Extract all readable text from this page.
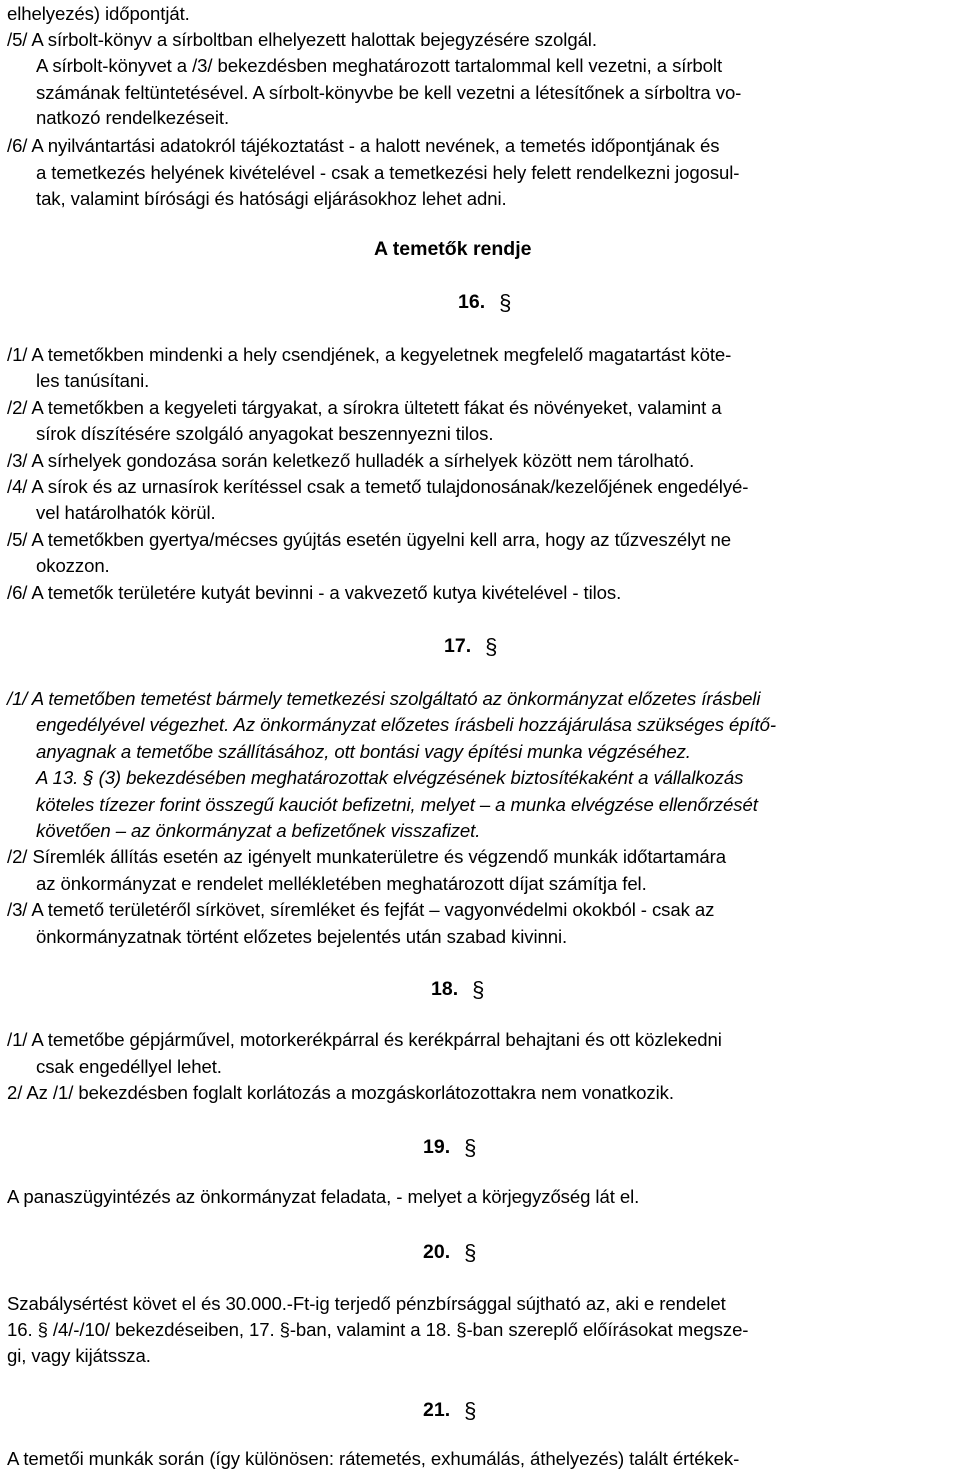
elhelyezés) időpontját.
/5/ A sírbolt-könyv a sírboltban elhelyezett halottak bejegyzésére szolgál.
A sírbolt-könyvet a /3/ bekezdésben meghatározott tartalommal kell vezetni, a sírbolt
számának feltüntetésével. A sírbolt-könyvbe be kell vezetni a létesítőnek a sírboltra vo-
natkozó rendelkezéseit.
/6/ A nyilvántartási adatokról tájékoztatást - a halott nevének, a temetés időpontjának és
a temetkezés helyének kivételével - csak a temetkezési hely felett rendelkezni jogosul-
tak, valamint bírósági és hatósági eljárásokhoz lehet adni.
A temetők rendje
16. §
/1/ A temetőkben mindenki a hely csendjének, a kegyeletnek megfelelő magatartást köte-
les tanúsítani.
/2/ A temetőkben a kegyeleti tárgyakat, a sírokra ültetett fákat és növényeket, valamint a
sírok díszítésére szolgáló anyagokat beszennyezni tilos.
/3/ A sírhelyek gondozása során keletkező hulladék a sírhelyek között nem tárolható.
/4/ A sírok és az urnasírok kerítéssel csak a temető tulajdonosának/kezelőjének engedélyé-
vel határolhatók körül.
/5/ A temetőkben gyertya/mécses gyújtás esetén ügyelni kell arra, hogy az tűzveszélyt ne
okozzon.
/6/ A temetők területére kutyát bevinni - a vakvezető kutya kivételével - tilos.
17. §
/1/ A temetőben temetést bármely temetkezési szolgáltató az önkormányzat előzetes írásbeli
engedélyével végezhet. Az önkormányzat előzetes írásbeli hozzájárulása szükséges építő-
anyagnak a temetőbe szállításához, ott bontási vagy építési munka végzéséhez.
A 13. § (3) bekezdésében meghatározottak elvégzésének biztosítékaként a vállalkozás
köteles tízezer forint összegű kauciót befizetni, melyet – a munka elvégzése ellenőrzését
követően – az önkormányzat a befizetőnek visszafizet.
/2/ Síremlék állítás esetén az igényelt munkaterületre és végzendő munkák időtartamára
az önkormányzat e rendelet mellékletében meghatározott díjat számítja fel.
/3/ A temető területéről sírkövet, síremléket és fejfát – vagyonvédelmi okokból - csak az
önkormányzatnak történt előzetes bejelentés után szabad kivinni.
18. §
/1/ A temetőbe gépjárművel, motorkerékpárral és kerékpárral behajtani és ott közlekedni
csak engedéllyel lehet.
2/ Az /1/ bekezdésben foglalt korlátozás a mozgáskorlátozottakra nem vonatkozik.
19. §
A panaszügyintézés az önkormányzat feladata, - melyet a körjegyzőség lát el.
20. §
Szabálysértést követ el és 30.000.-Ft-ig terjedő pénzbírsággal sújtható az, aki e rendelet
16. § /4/-/10/ bekezdéseiben, 17. §-ban, valamint a 18. §-ban szereplő előírásokat megsze-
gi, vagy kijátssza.
21. §
A temetői munkák során (így különösen: rátemetés, exhumálás, áthelyezés) talált értékek-
